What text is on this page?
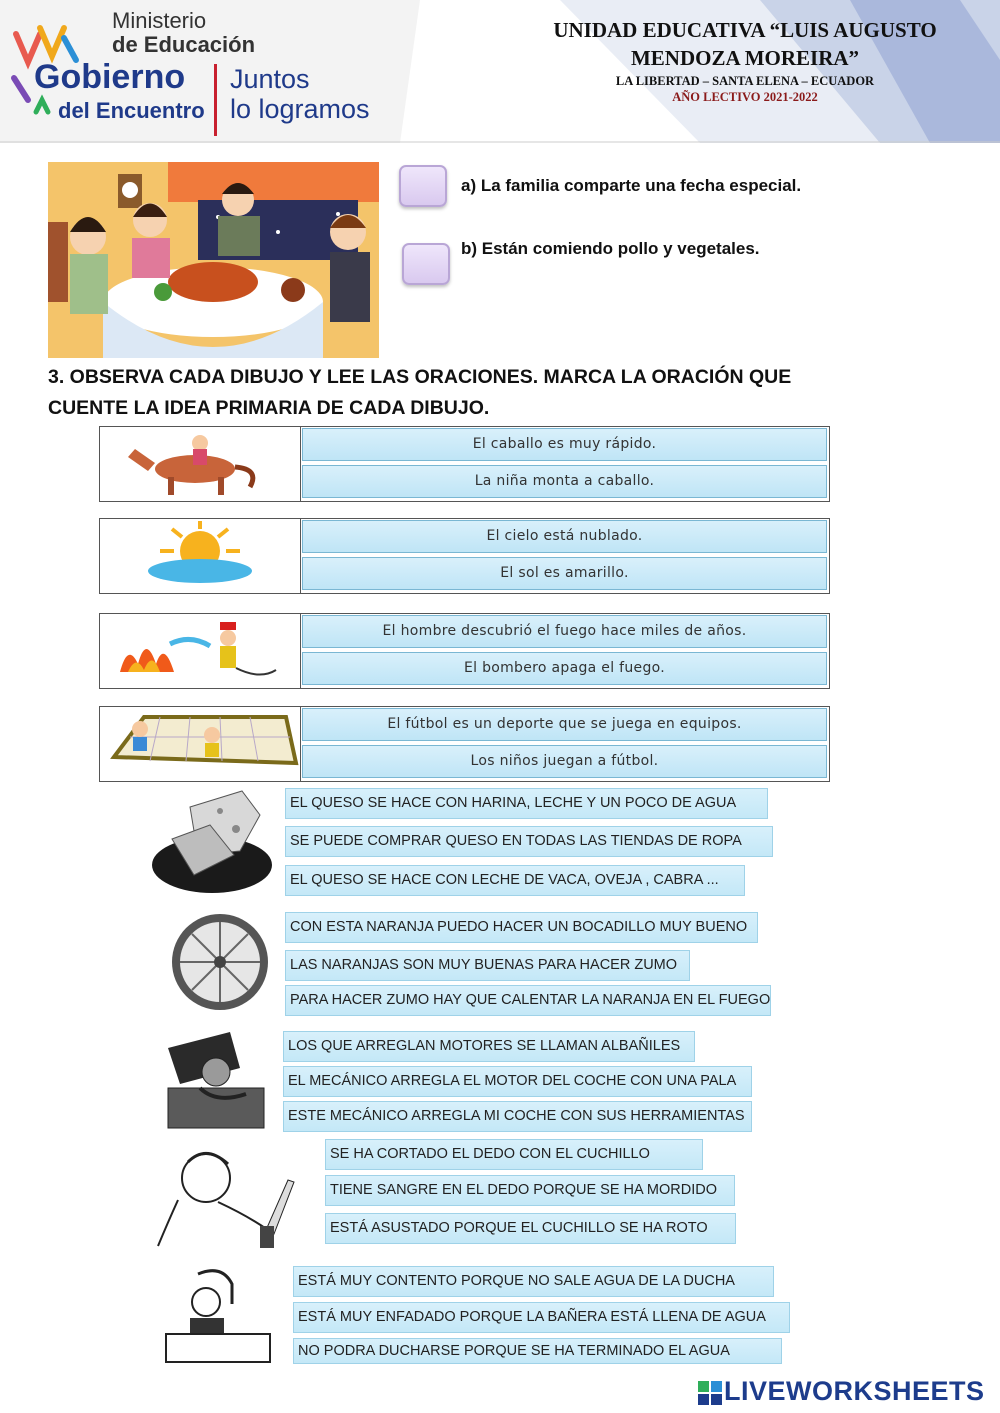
Ministerio
de Educación
Gobierno
del Encuentro
Juntos
lo logramos
UNIDAD EDUCATIVA “LUIS AUGUSTO
MENDOZA MOREIRA”
LA LIBERTAD – SANTA ELENA – ECUADOR
AÑO LECTIVO 2021-2022
a) La familia comparte una fecha especial.
b) Están comiendo pollo y vegetales.
3. OBSERVA CADA DIBUJO Y LEE LAS ORACIONES. MARCA LA ORACIÓN QUE
CUENTE LA IDEA PRIMARIA DE CADA DIBUJO.
El caballo es muy rápido.
La niña monta a caballo.
El cielo está nublado.
El sol es amarillo.
El hombre descubrió el fuego hace miles de años.
El bombero apaga el fuego.
El fútbol es un deporte que se juega en equipos.
Los niños juegan a fútbol.
EL QUESO SE HACE CON HARINA, LECHE Y UN POCO DE AGUA
SE PUEDE COMPRAR QUESO EN TODAS LAS TIENDAS DE ROPA
EL QUESO SE HACE CON LECHE DE VACA, OVEJA , CABRA ...
CON ESTA NARANJA PUEDO HACER UN BOCADILLO MUY BUENO
LAS NARANJAS SON MUY BUENAS PARA HACER ZUMO
PARA HACER ZUMO HAY QUE CALENTAR LA NARANJA EN EL FUEGO
LOS QUE ARREGLAN MOTORES SE LLAMAN ALBAÑILES
EL MECÁNICO ARREGLA EL MOTOR DEL COCHE CON UNA PALA
ESTE MECÁNICO ARREGLA MI COCHE CON SUS HERRAMIENTAS
SE HA CORTADO EL DEDO CON EL CUCHILLO
TIENE SANGRE EN EL DEDO PORQUE SE HA MORDIDO
ESTÁ ASUSTADO PORQUE EL CUCHILLO SE HA ROTO
ESTÁ MUY CONTENTO PORQUE NO SALE AGUA DE LA DUCHA
ESTÁ MUY ENFADADO PORQUE LA BAÑERA ESTÁ LLENA DE AGUA
NO PODRA DUCHARSE PORQUE SE HA TERMINADO EL AGUA
LIVEWORKSHEETS
